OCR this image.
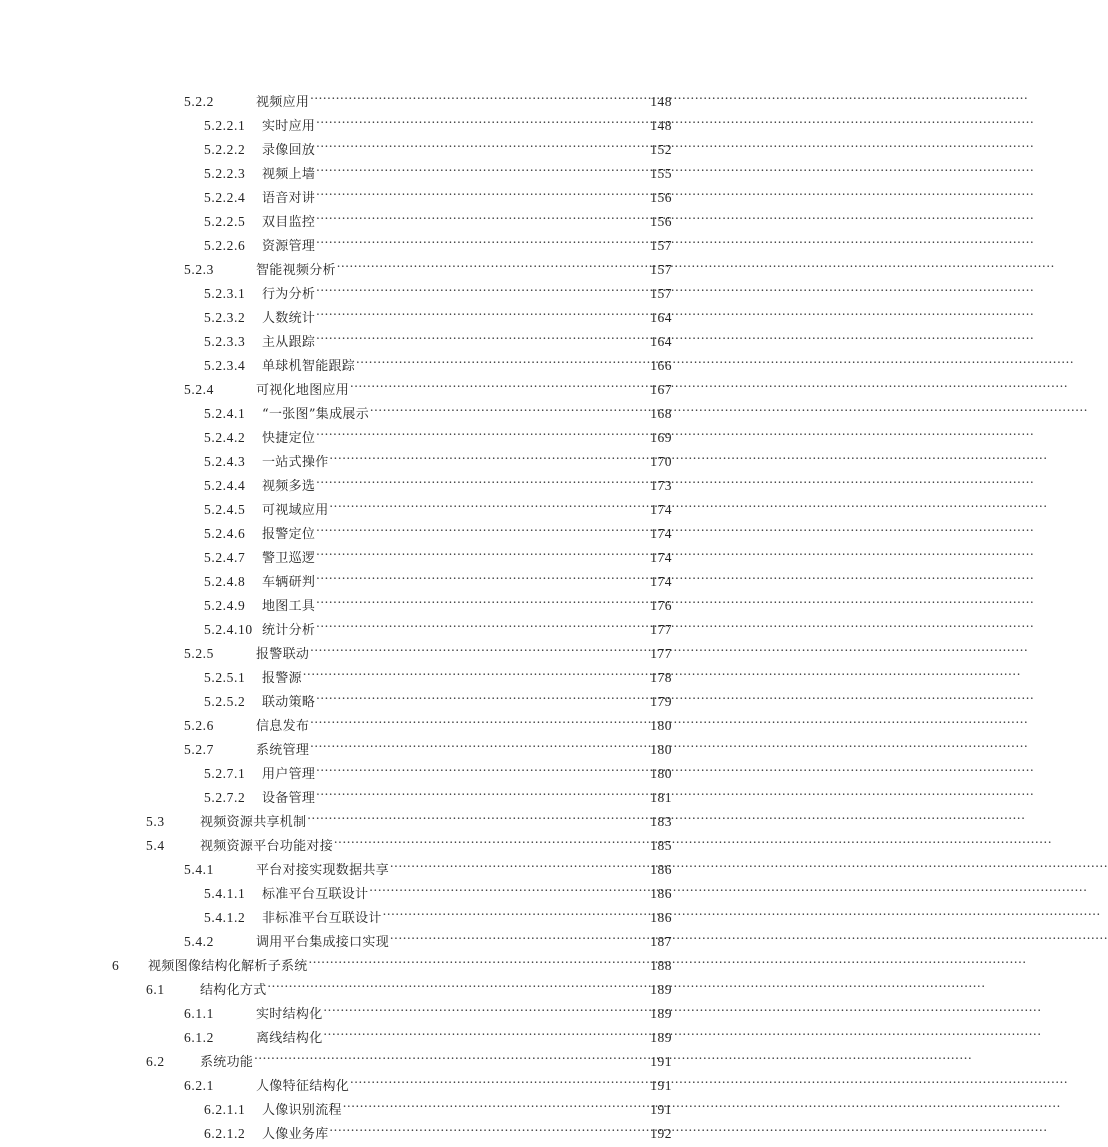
5.2.2	视频应用 .....	148
5.2.2.1	实时应用 .....	148
5.2.2.2	录像回放 .....	152
5.2.2.3	视频上墙 .....	155
5.2.2.4	语音对讲 .....	156
5.2.2.5	双目监控 .....	156
5.2.2.6	资源管理 .....	157
5.2.3	智能视频分析 .....	157
5.2.3.1	行为分析 .....	157
5.2.3.2	人数统计 .....	164
5.2.3.3	主从跟踪 .....	164
5.2.3.4	单球机智能跟踪 .....	166
5.2.4	可视化地图应用 .....	167
5.2.4.1	“一张图”集成展示 .....	168
5.2.4.2	快捷定位 .....	169
5.2.4.3	一站式操作 .....	170
5.2.4.4	视频多选 .....	173
5.2.4.5	可视域应用 .....	174
5.2.4.6	报警定位 .....	174
5.2.4.7	警卫巡逻 .....	174
5.2.4.8	车辆研判 .....	174
5.2.4.9	地图工具 .....	176
5.2.4.10 统计分析 .....	177
5.2.5	报警联动 .....	177
5.2.5.1	报警源 .....	178
5.2.5.2	联动策略 .....	179
5.2.6	信息发布 .....	180
5.2.7	系统管理 .....	180
5.2.7.1	用户管理 .....	180
5.2.7.2	设备管理 .....	181
5.3	视频资源共享机制 .....	183
5.4	视频资源平台功能对接 .....	185
5.4.1	平台对接实现数据共享 .....	186
5.4.1.1	标准平台互联设计 .....	186
5.4.1.2	非标准平台互联设计 .....	186
5.4.2	调用平台集成接口实现 .....	187
6	视频图像结构化解析子系统 .....	188
6.1	结构化方式 .....	189
6.1.1	实时结构化 .....	189
6.1.2	离线结构化 .....	189
6.2	系统功能 .....	191
6.2.1	人像特征结构化 .....	191
6.2.1.1	人像识别流程 .....	191
6.2.1.2	人像业务库 .....	192
